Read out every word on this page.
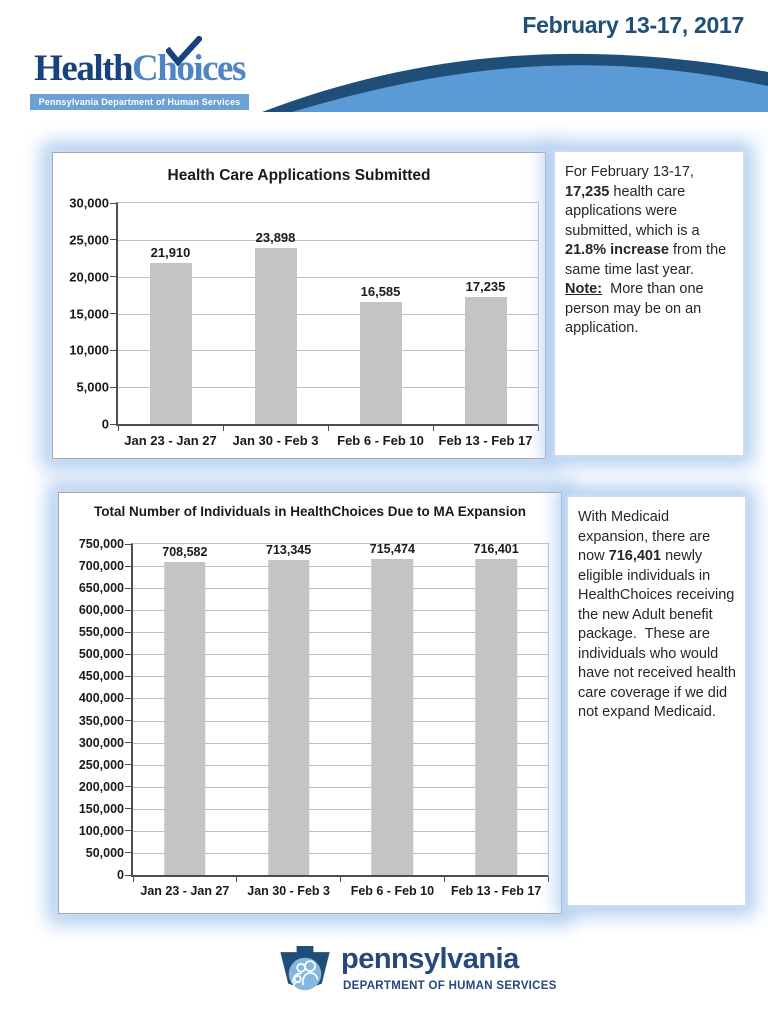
February 13-17, 2017
HealthChoices
Pennsylvania Department of Human Services
Health Care Applications Submitted
0
5,000
10,000
15,000
20,000
25,000
30,000
21,910
Jan 23 - Jan 27
23,898
Jan 30 - Feb 3
16,585
Feb 6 - Feb 10
17,235
Feb 13 - Feb 17
For February 13-17, 17,235 health care applications were submitted, which is a 21.8% increase from the same time last year.
Note:  More than one person may be on an application.
Total Number of Individuals in HealthChoices Due to MA Expansion
0
50,000
100,000
150,000
200,000
250,000
300,000
350,000
400,000
450,000
500,000
550,000
600,000
650,000
700,000
750,000
708,582
Jan 23 - Jan 27
713,345
Jan 30 - Feb 3
715,474
Feb 6 - Feb 10
716,401
Feb 13 - Feb 17
With Medicaid expansion, there are now 716,401 newly eligible individuals in HealthChoices receiving the new Adult benefit package.  These are individuals who would have not received health care coverage if we did not expand Medicaid.
pennsylvania
DEPARTMENT OF HUMAN SERVICES
